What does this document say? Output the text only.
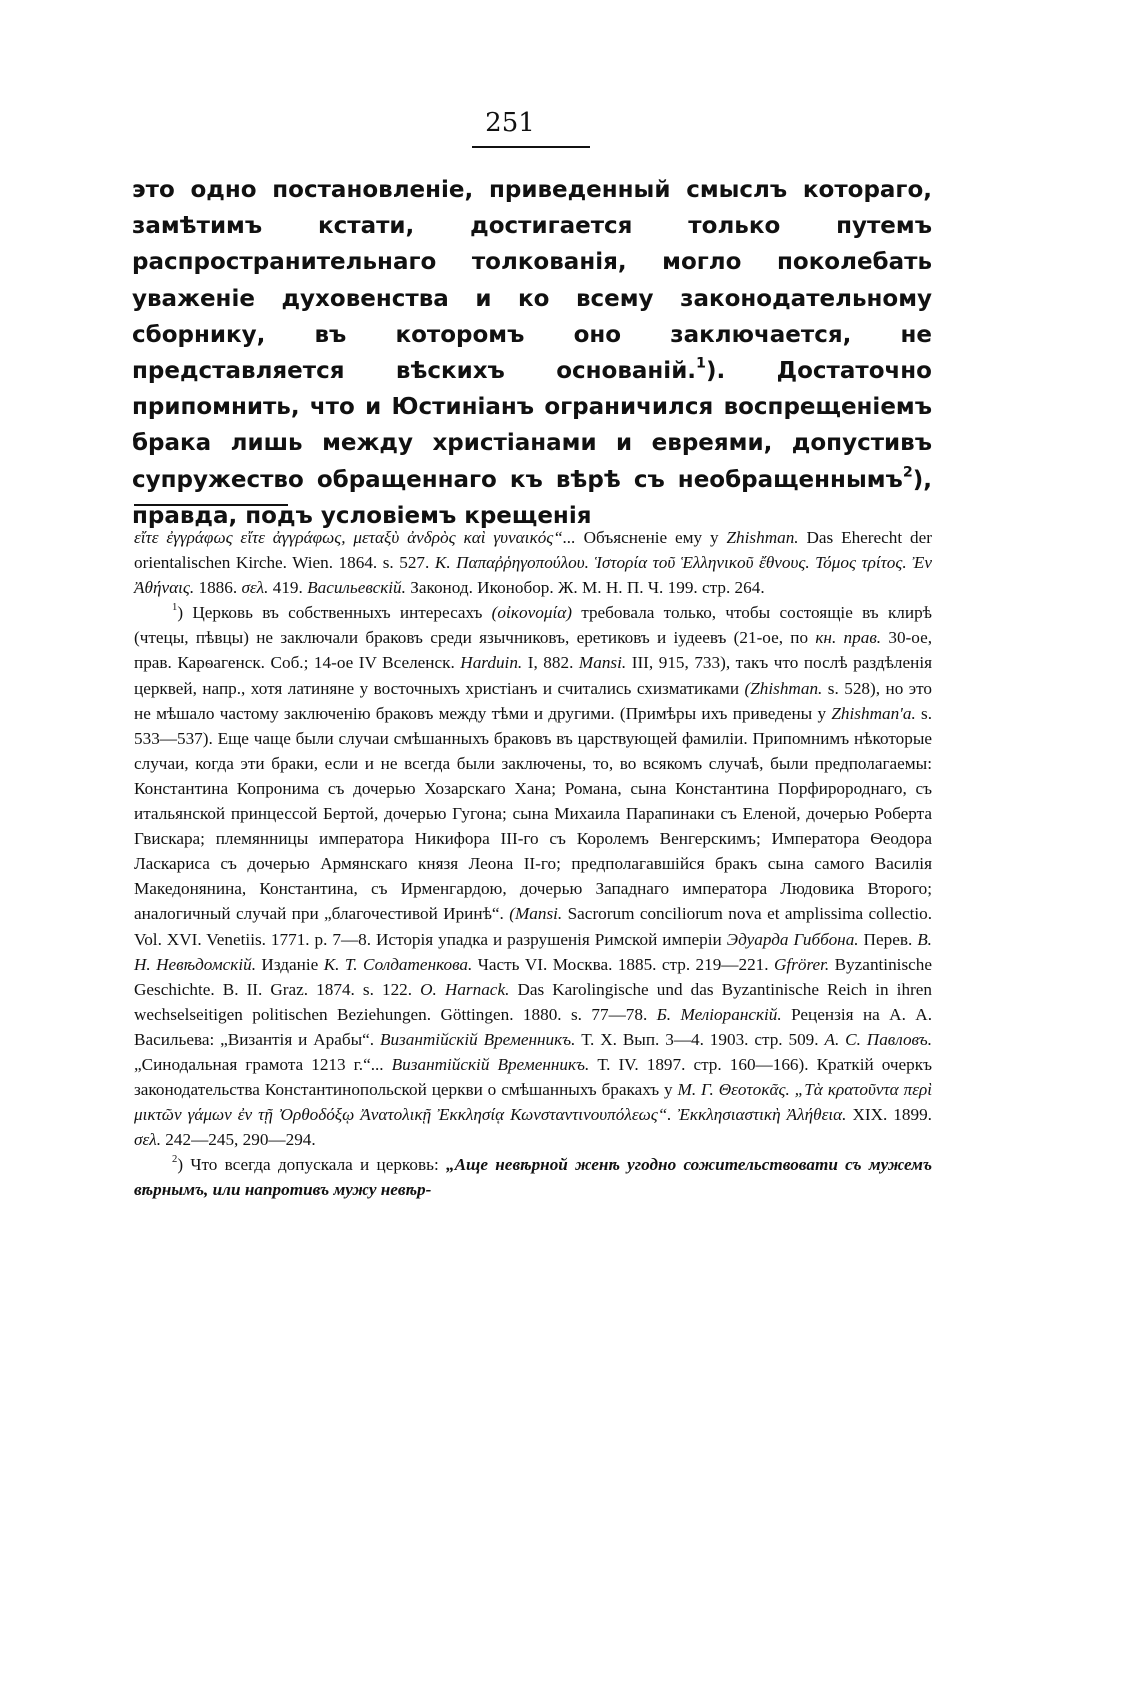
251

это одно постановленіе, приведенный смыслъ котораго, замѣтимъ кстати, достигается только путемъ распространительнаго толкованія, могло поколебать уваженіе духовенства и ко всему законодательному сборнику, въ которомъ оно заключается, не представляется вѣскихъ основаній.$^1$). Достаточно припомнить, что и Юстиніанъ ограничился воспрещеніемъ брака лишь между христіанами и евреями, допустивъ супружество обращеннаго къ вѣрѣ съ необращеннымъ$^2$), правда, подъ условіемъ крещенія

εἴτε ἐγγράφως εἴτε ἀγγράφως, μεταξὺ ἀνδρὸς καὶ γυναικός“... Объясненіе ему у Zhishman. Das Eherecht der orientalischen Kirche. Wien. 1864. s. 527. Κ. Παπαῤῥηγοπούλου. Ἱστορία τοῦ Ἑλληνικοῦ ἔθνους. Τόμος τρίτος. Ἐν Ἀθήναις. 1886. σελ. 419. Васильевскій. Законод. Иконобор. Ж. М. Н. П. Ч. 199. стр. 264.

$^1$) Церковь въ собственныхъ интересахъ (οἰκονομία) требовала только, чтобы состоящіе въ клирѣ (чтецы, пѣвцы) не заключали браковъ среди язычниковъ, еретиковъ и іудеевъ (21-ое, по кн. прав. 30-ое, прав. Карѳагенск. Соб.; 14-ое IV Вселенск. Harduin. I, 882. Mansi. III, 915, 733), такъ что послѣ раздѣленія церквей, напр., хотя латиняне у восточныхъ христіанъ и считались схизматиками (Zhishman. s. 528), но это не мѣшало частому заключенію браковъ между тѣми и другими. (Примѣры ихъ приведены у Zhishman'a. s. 533—537). Еще чаще были случаи смѣшанныхъ браковъ въ царствующей фамиліи. Припомнимъ нѣкоторые случаи, когда эти браки, если и не всегда были заключены, то, во всякомъ случаѣ, были предполагаемы: Константина Копронима съ дочерью Хозарскаго Хана; Романа, сына Константина Порфиророднаго, съ итальянской принцессой Бертой, дочерью Гугона; сына Михаила Парапинаки съ Еленой, дочерью Роберта Гвискара; племянницы императора Никифора III-го съ Королемъ Венгерскимъ; Императора Ѳеодора Ласкариса съ дочерью Армянскаго князя Леона II-го; предполагавшійся бракъ сына самого Василія Македонянина, Константина, съ Ирменгардою, дочерью Западнаго императора Людовика Второго; аналогичный случай при „благочестивой Иринѣ“. (Mansi. Sacrorum conciliorum nova et amplissima collectio. Vol. XVI. Venetiis. 1771. p. 7—8. Исторія упадка и разрушенія Римской имперіи Эдуарда Гиббона. Перев. В. Н. Невѣдомскій. Изданіе К. Т. Солдатенкова. Часть VI. Москва. 1885. стр. 219—221. Gfrörer. Byzantinische Geschichte. B. II. Graz. 1874. s. 122. O. Harnack. Das Karolingische und das Byzantinische Reich in ihren wechselseitigen politischen Beziehungen. Göttingen. 1880. s. 77—78. Б. Меліоранскій. Рецензія на А. А. Васильева: „Византія и Арабы“. Византійскій Временникъ. Т. X. Вып. 3—4. 1903. стр. 509. А. С. Павловъ. „Синодальная грамота 1213 г.“... Византійскій Временникъ. Т. IV. 1897. стр. 160—166). Краткій очеркъ законодательства Константинопольской церкви о смѣшанныхъ бракахъ у М. Г. Θεοτοκᾶς. „Τὰ κρατοῦντα περὶ μικτῶν γάμων ἐν τῇ Ὀρθοδόξῳ Ἀνατολικῇ Ἐκκλησίᾳ Κωνσταντινουπόλεως“. Ἐκκλησιαστικὴ Ἀλήθεια. XIX. 1899. σελ. 242—245, 290—294.

$^2$) Что всегда допускала и церковь: „Аще невѣрной женѣ угодно сожительствовати съ мужемъ вѣрнымъ, или напротивъ мужу невѣр-
